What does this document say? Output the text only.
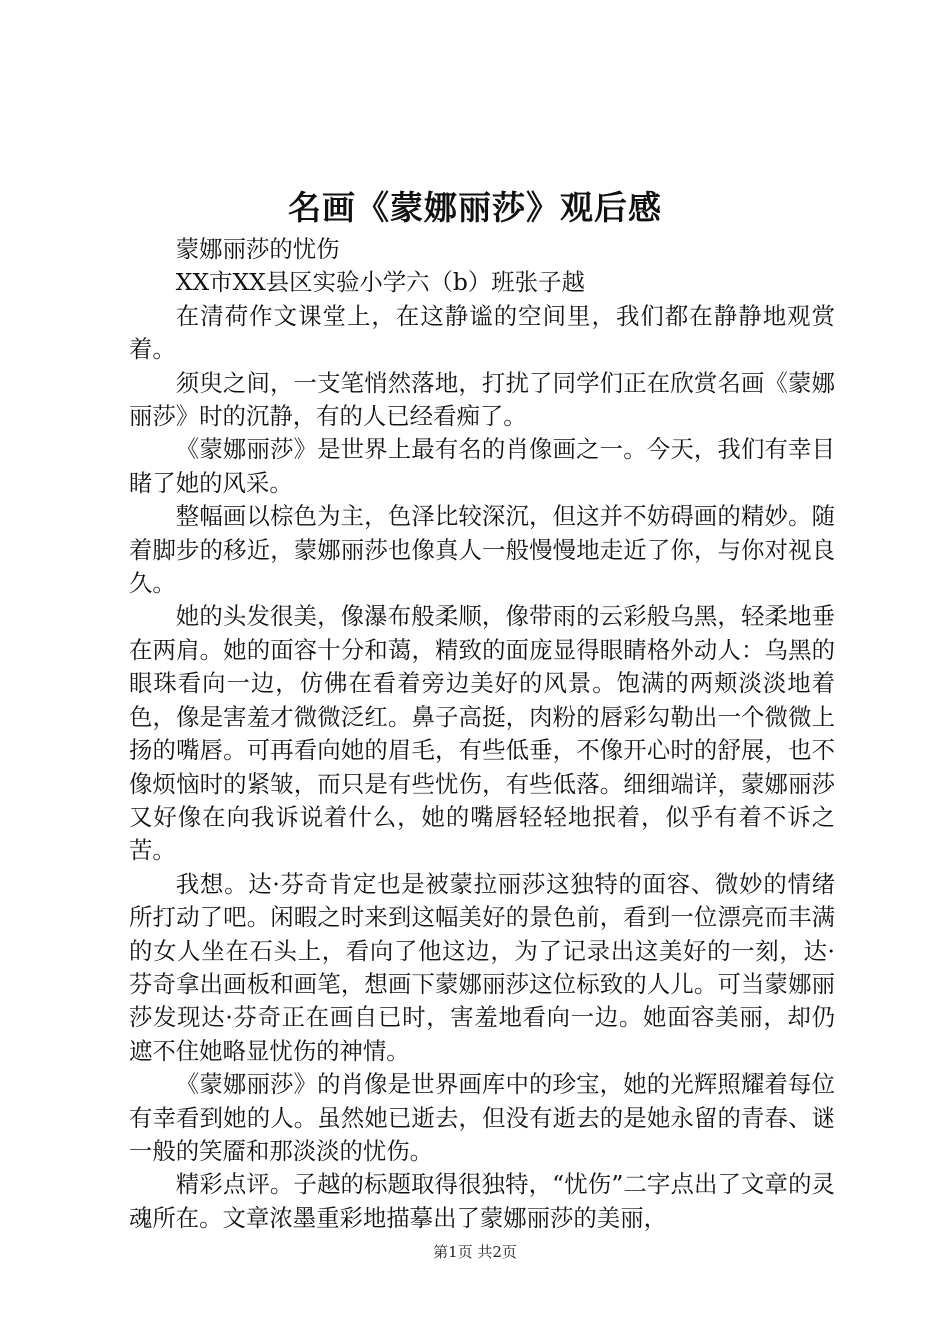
名画《蒙娜丽莎》观后感

蒙娜丽莎的忧伤

XX市XX县区实验小学六（b）班张子越

在清荷作文课堂上，在这静谧的空间里，我们都在静静地观赏着。

须臾之间，一支笔悄然落地，打扰了同学们正在欣赏名画《蒙娜丽莎》时的沉静，有的人已经看痴了。

《蒙娜丽莎》是世界上最有名的肖像画之一。今天，我们有幸目睹了她的风采。

整幅画以棕色为主，色泽比较深沉，但这并不妨碍画的精妙。随着脚步的移近，蒙娜丽莎也像真人一般慢慢地走近了你，与你对视良久。

她的头发很美，像瀑布般柔顺，像带雨的云彩般乌黑，轻柔地垂在两肩。她的面容十分和蔼，精致的面庞显得眼睛格外动人：乌黑的眼珠看向一边，仿佛在看着旁边美好的风景。饱满的两颊淡淡地着色，像是害羞才微微泛红。鼻子高挺，肉粉的唇彩勾勒出一个微微上扬的嘴唇。可再看向她的眉毛，有些低垂，不像开心时的舒展，也不像烦恼时的紧皱，而只是有些忧伤，有些低落。细细端详，蒙娜丽莎又好像在向我诉说着什么，她的嘴唇轻轻地抿着，似乎有着不诉之苦。

我想。达·芬奇肯定也是被蒙拉丽莎这独特的面容、微妙的情绪所打动了吧。闲暇之时来到这幅美好的景色前，看到一位漂亮而丰满的女人坐在石头上，看向了他这边，为了记录出这美好的一刻，达·芬奇拿出画板和画笔，想画下蒙娜丽莎这位标致的人儿。可当蒙娜丽莎发现达·芬奇正在画自已时，害羞地看向一边。她面容美丽，却仍遮不住她略显忧伤的神情。

《蒙娜丽莎》的肖像是世界画库中的珍宝，她的光辉照耀着每位有幸看到她的人。虽然她已逝去，但没有逝去的是她永留的青春、谜一般的笑靥和那淡淡的忧伤。

精彩点评。子越的标题取得很独特，“忧伤”二字点出了文章的灵魂所在。文章浓墨重彩地描摹出了蒙娜丽莎的美丽，

第1页 共2页
